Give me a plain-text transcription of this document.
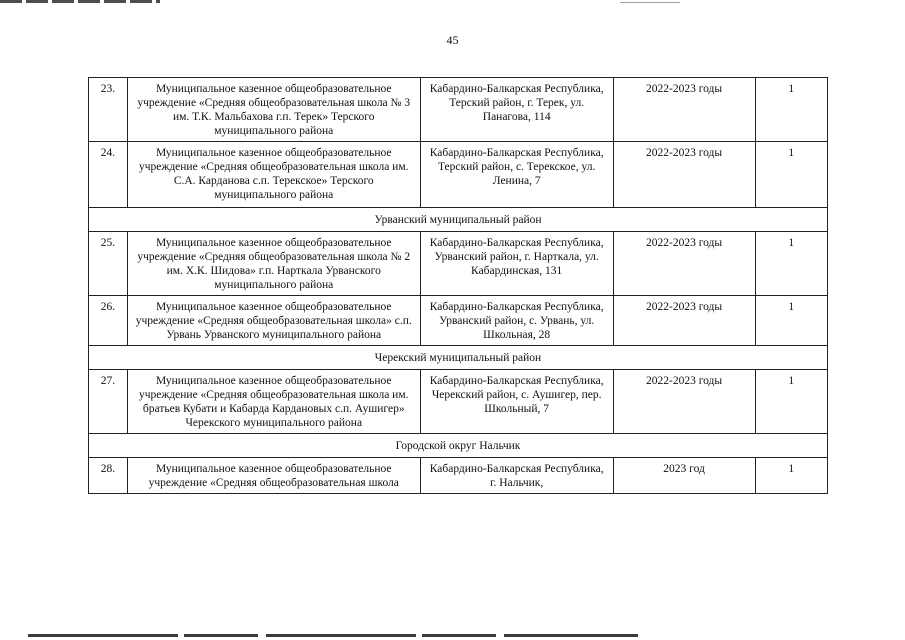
45
23.	Муниципальное казенное общеобразовательное учреждение «Средняя общеобразовательная школа № 3 им. Т.К. Мальбахова г.п. Терек» Терского муниципального района	Кабардино-Балкарская Республика, Терский район, г. Терек, ул. Панагова, 114	2022-2023 годы	1
24.	Муниципальное казенное общеобразовательное учреждение «Средняя общеобразовательная школа им. С.А. Карданова с.п. Терекское» Терского муниципального района	Кабардино-Балкарская Республика, Терский район, с. Терекское, ул. Ленина, 7	2022-2023 годы	1
Урванский муниципальный район				
25.	Муниципальное казенное общеобразовательное учреждение «Средняя общеобразовательная школа № 2 им. Х.К. Шидова» г.п. Нарткала Урванского муниципального района	Кабардино-Балкарская Республика, Урванский район, г. Нарткала, ул. Кабардинская, 131	2022-2023 годы	1
26.	Муниципальное казенное общеобразовательное учреждение «Средняя общеобразовательная школа» с.п. Урвань Урванского муниципального района	Кабардино-Балкарская Республика, Урванский район, с. Урвань, ул. Школьная, 28	2022-2023 годы	1
Черекский муниципальный район				
27.	Муниципальное казенное общеобразовательное учреждение «Средняя общеобразовательная школа им. братьев Кубати и Кабарда Кардановых с.п. Аушигер» Черекского муниципального района	Кабардино-Балкарская Республика, Черекский район, с. Аушигер, пер. Школьный, 7	2022-2023 годы	1
Городской округ Нальчик				
28.	Муниципальное казенное общеобразовательное учреждение «Средняя общеобразовательная школа	Кабардино-Балкарская Республика, г. Нальчик,	2023 год	1
